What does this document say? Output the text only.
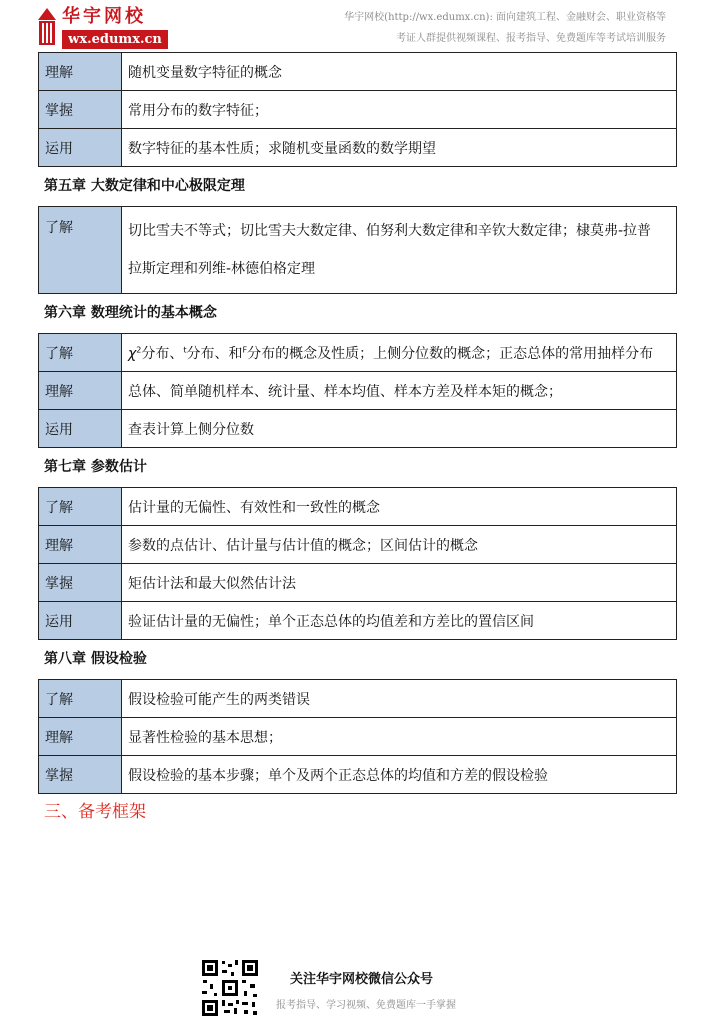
华宇网校
wx.edumx.cn
华宇网校(http://wx.edumx.cn): 面向建筑工程、金融财会、职业资格等
考证人群提供视频课程、报考指导、免费题库等考试培训服务
理解	随机变量数字特征的概念
掌握	常用分布的数字特征；
运用	数字特征的基本性质；求随机变量函数的数学期望
第五章 大数定律和中心极限定理
了解	切比雪夫不等式；切比雪夫大数定律、伯努利大数定律和辛钦大数定律；棣莫弗-拉普
拉斯定理和列维-林德伯格定理
第六章 数理统计的基本概念
了解	$\chi^2$分布、$^t$分布、和$^F$分布的概念及性质；上侧分位数的概念；正态总体的常用抽样分布
理解	总体、简单随机样本、统计量、样本均值、样本方差及样本矩的概念；
运用	查表计算上侧分位数
第七章 参数估计
了解	估计量的无偏性、有效性和一致性的概念
理解	参数的点估计、估计量与估计值的概念；区间估计的概念
掌握	矩估计法和最大似然估计法
运用	验证估计量的无偏性；单个正态总体的均值差和方差比的置信区间
第八章 假设检验
了解	假设检验可能产生的两类错误
理解	显著性检验的基本思想；
掌握	假设检验的基本步骤；单个及两个正态总体的均值和方差的假设检验
三、备考框架
关注华宇网校微信公众号
报考指导、学习视频、免费题库一手掌握
